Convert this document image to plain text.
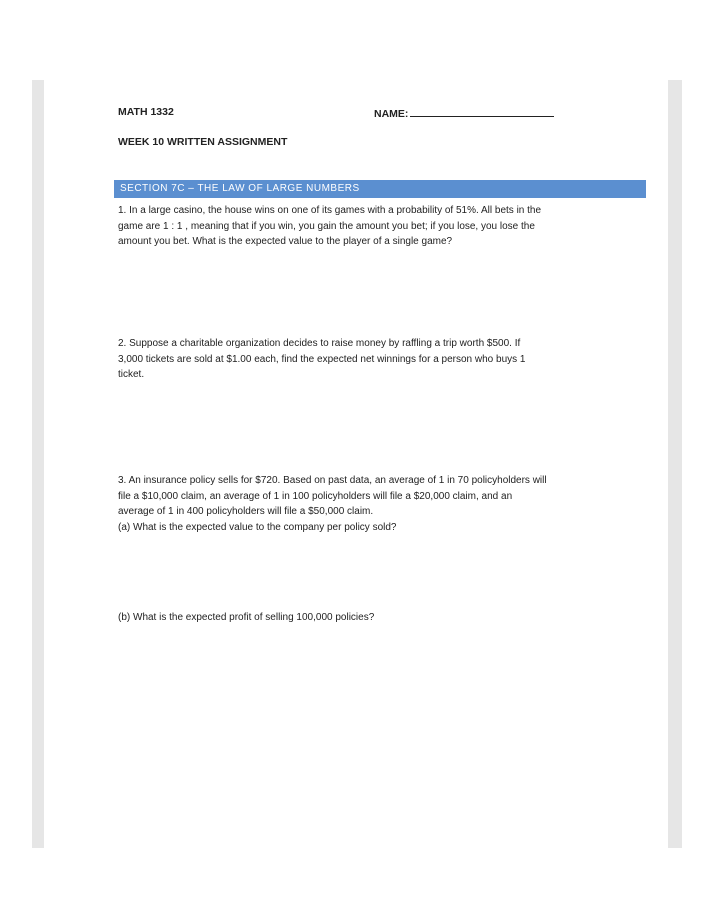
MATH 1332	NAME:
WEEK 10 WRITTEN ASSIGNMENT
SECTION 7C – THE LAW OF LARGE NUMBERS
1. In a large casino, the house wins on one of its games with a probability of 51%. All bets in the
game are 1 : 1 , meaning that if you win, you gain the amount you bet; if you lose, you lose the
amount you bet. What is the expected value to the player of a single game?
2. Suppose a charitable organization decides to raise money by raffling a trip worth $500. If
3,000 tickets are sold at $1.00 each, find the expected net winnings for a person who buys 1
ticket.
3. An insurance policy sells for $720. Based on past data, an average of 1 in 70 policyholders will
file a $10,000 claim, an average of 1 in 100 policyholders will file a $20,000 claim, and an
average of 1 in 400 policyholders will file a $50,000 claim.
(a) What is the expected value to the company per policy sold?
(b) What is the expected profit of selling 100,000 policies?
